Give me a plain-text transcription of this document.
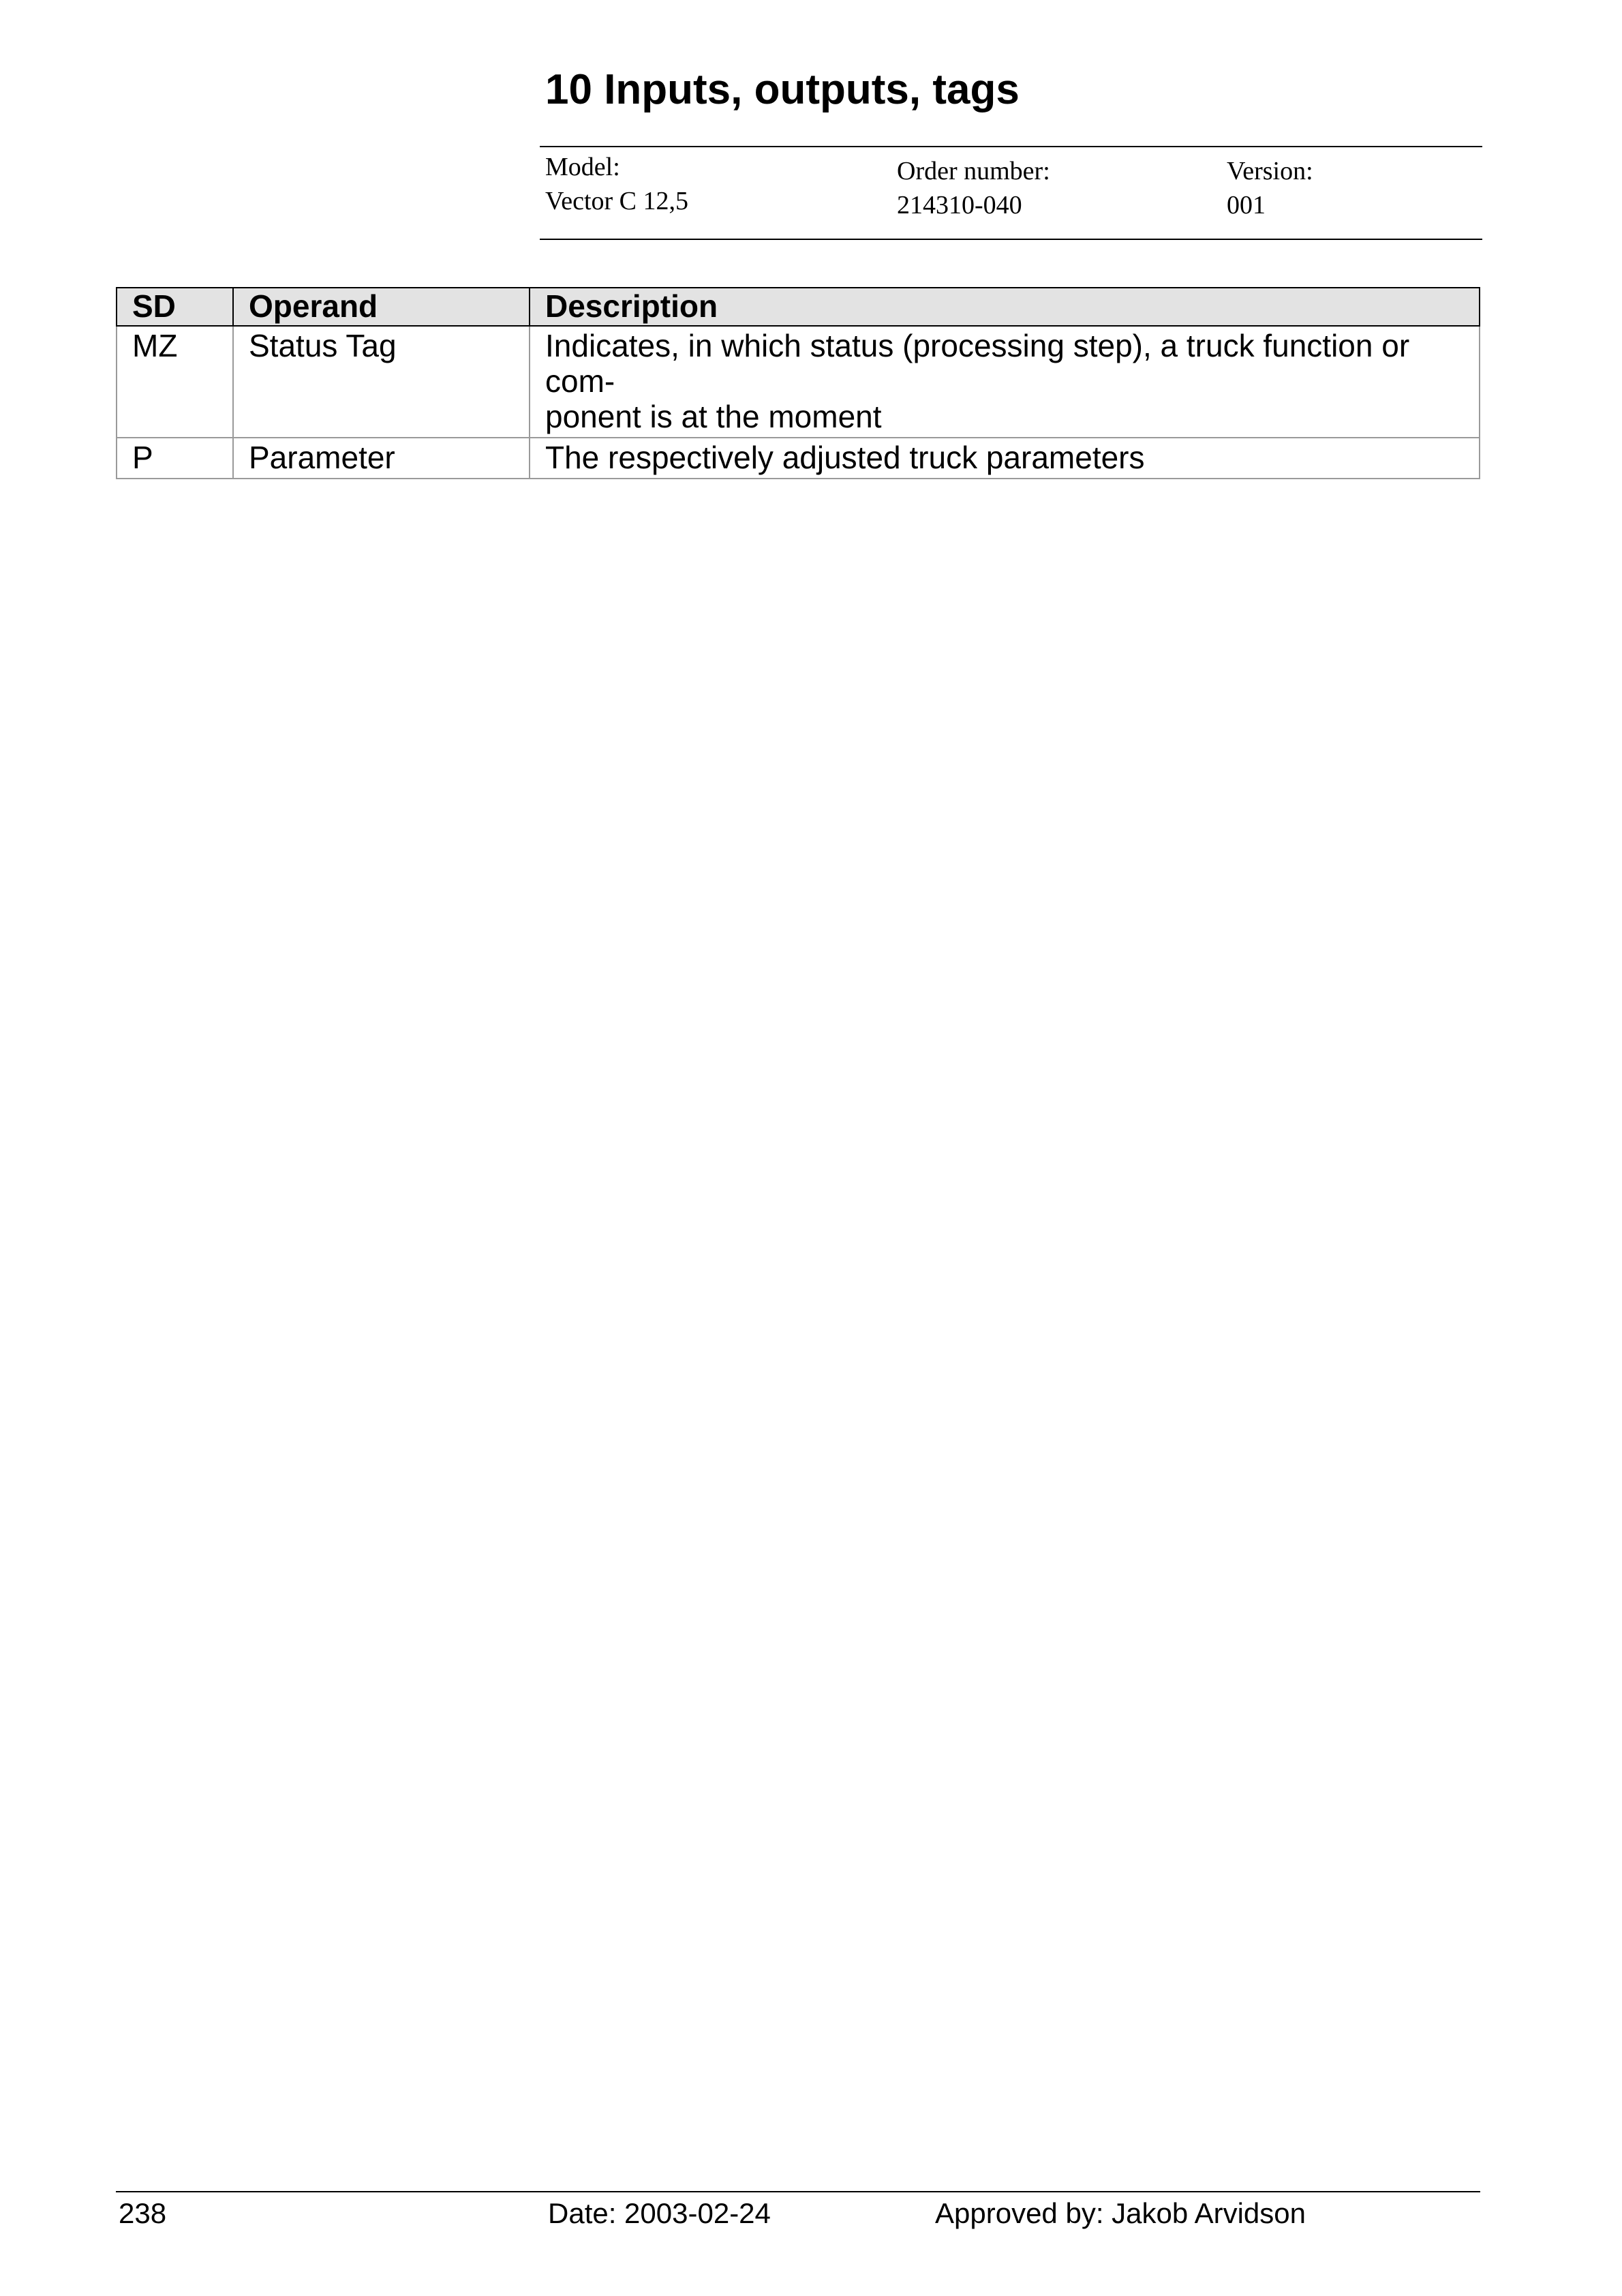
10 Inputs, outputs, tags
Model:
Vector C 12,5
Order number:
214310-040
Version:
001
SD	Operand	Description
MZ	Status Tag	Indicates, in which status (processing step), a truck function or com-
ponent is at the moment

P	Parameter	The respectively adjusted truck parameters
238	Date: 2003-02-24	Approved by: Jakob Arvidson
